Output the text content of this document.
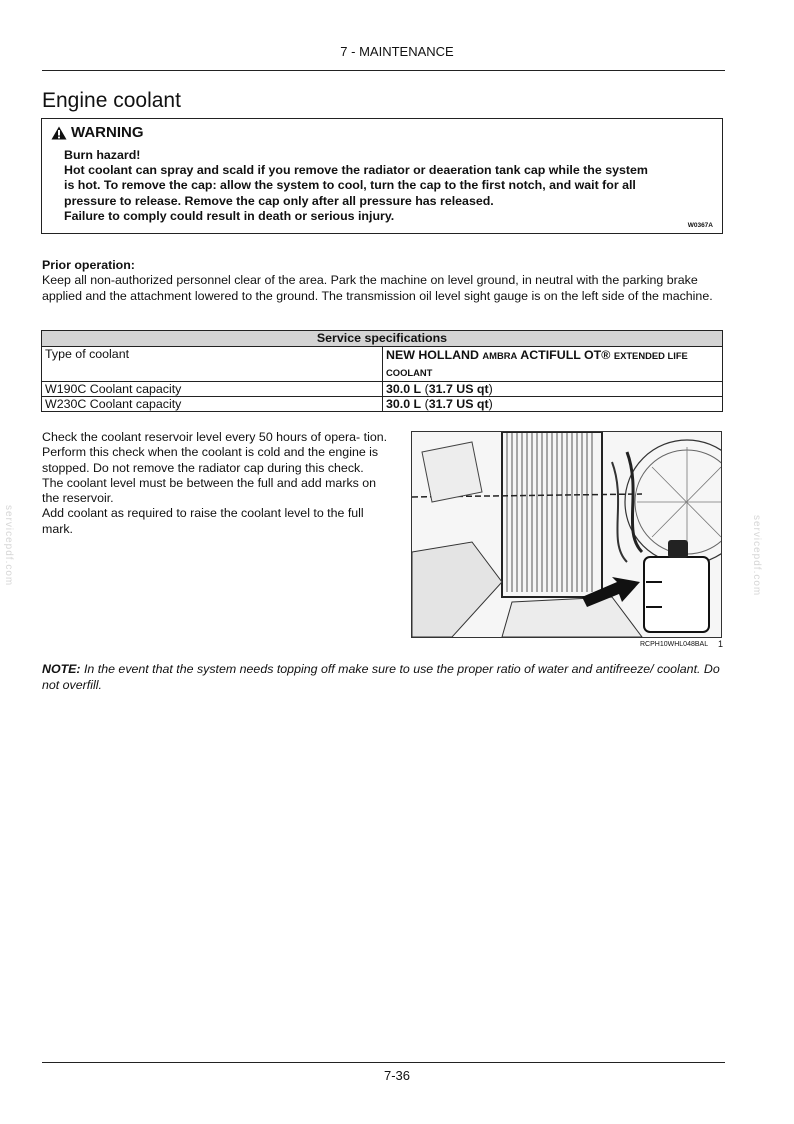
7 - MAINTENANCE
Engine coolant
WARNING
Burn hazard!
Hot coolant can spray and scald if you remove the radiator or deaeration tank cap while the system
is hot. To remove the cap: allow the system to cool, turn the cap to the first notch, and wait for all
pressure to release. Remove the cap only after all pressure has released.
Failure to comply could result in death or serious injury.
W0367A
Prior operation:
Keep all non-authorized personnel clear of the area. Park the machine on level ground, in neutral with the parking brake applied and the attachment lowered to the ground. The transmission oil level sight gauge is on the left side of the machine.
Service specifications	
Type of coolant	NEW HOLLAND AMBRA ACTIFULL OT® EXTENDED LIFE COOLANT
W190C Coolant capacity	30.0 L (31.7 US qt)
W230C Coolant capacity	30.0 L (31.7 US qt)
Check the coolant reservoir level every 50 hours of opera- tion. Perform this check when the coolant is cold and the engine is stopped. Do not remove the radiator cap during this check. The coolant level must be between the full and add marks on the reservoir.
Add coolant as required to raise the coolant level to the full mark.
RCPH10WHL048BAL 1
NOTE: In the event that the system needs topping off make sure to use the proper ratio of water and antifreeze/ coolant. Do not overfill.
servicepdf.com	servicepdf.com
7-36
